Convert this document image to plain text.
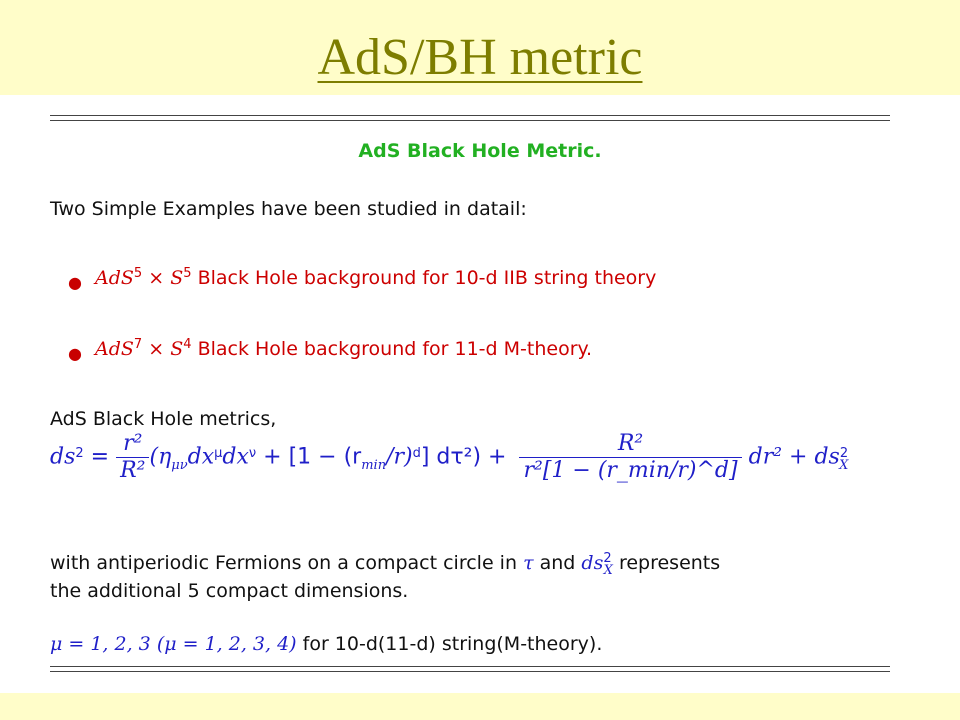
AdS/BH metric
AdS Black Hole Metric.
Two Simple Examples have been studied in datail:
● $AdS^5 \times S^5$ Black Hole background for 10-d IIB string theory
● $AdS^7 \times S^4$ Black Hole background for 11-d M-theory.
AdS Black Hole metrics,
$ds^2 = \frac{\text{r²}}{\text{R²}} (\eta_{\mu\nu}dx^\mu dx^\nu + [1 - (r_{min}/r)^d] d\tau^2) + \frac{\text{R²}}{\text{r²[1 − (r\_min/r)\textasciicircum{}d]}} dr^2 + ds^2_X$
with antiperiodic Fermions on a compact circle in τ and $ds^2_X$ represents
the additional 5 compact dimensions.
μ = 1, 2, 3 (μ = 1, 2, 3, 4) for 10-d(11-d) string(M-theory).
